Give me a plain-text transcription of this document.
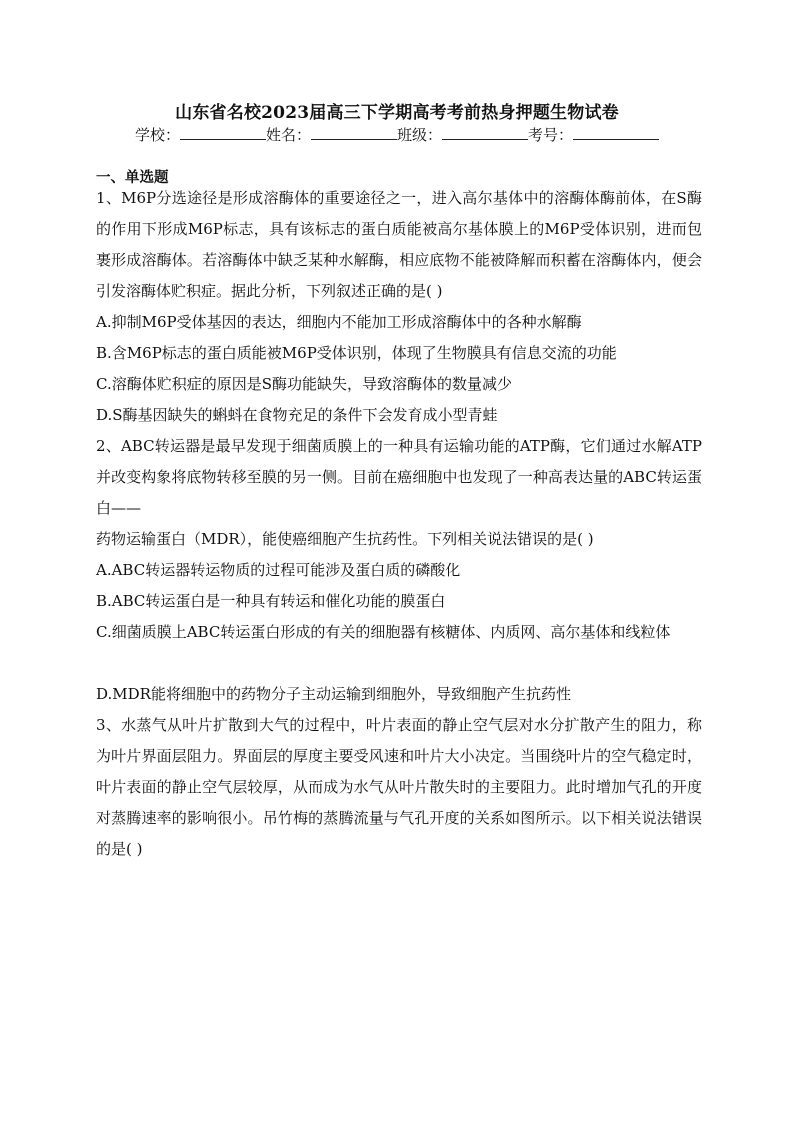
山东省名校2023届高三下学期高考考前热身押题生物试卷
学校：	姓名：	班级：	考号：
一、单选题
1、M6P分选途径是形成溶酶体的重要途径之一，进入高尔基体中的溶酶体酶前体，在S酶的作用下形成M6P标志，具有该标志的蛋白质能被高尔基体膜上的M6P受体识别，进而包裹形成溶酶体。若溶酶体中缺乏某种水解酶，相应底物不能被降解而积蓄在溶酶体内，便会引发溶酶体贮积症。据此分析，下列叙述正确的是( )
A.抑制M6P受体基因的表达，细胞内不能加工形成溶酶体中的各种水解酶
B.含M6P标志的蛋白质能被M6P受体识别，体现了生物膜具有信息交流的功能
C.溶酶体贮积症的原因是S酶功能缺失，导致溶酶体的数量减少
D.S酶基因缺失的蝌蚪在食物充足的条件下会发育成小型青蛙
2、ABC转运器是最早发现于细菌质膜上的一种具有运输功能的ATP酶，它们通过水解ATP并改变构象将底物转移至膜的另一侧。目前在癌细胞中也发现了一种高表达量的ABC转运蛋白——
药物运输蛋白（MDR），能使癌细胞产生抗药性。下列相关说法错误的是( )
A.ABC转运器转运物质的过程可能涉及蛋白质的磷酸化
B.ABC转运蛋白是一种具有转运和催化功能的膜蛋白
C.细菌质膜上ABC转运蛋白形成的有关的细胞器有核糖体、内质网、高尔基体和线粒体
D.MDR能将细胞中的药物分子主动运输到细胞外，导致细胞产生抗药性
3、水蒸气从叶片扩散到大气的过程中，叶片表面的静止空气层对水分扩散产生的阻力，称为叶片界面层阻力。界面层的厚度主要受风速和叶片大小决定。当围绕叶片的空气稳定时，叶片表面的静止空气层较厚，从而成为水气从叶片散失时的主要阻力。此时增加气孔的开度对蒸腾速率的影响很小。吊竹梅的蒸腾流量与气孔开度的关系如图所示。以下相关说法错误的是( )
